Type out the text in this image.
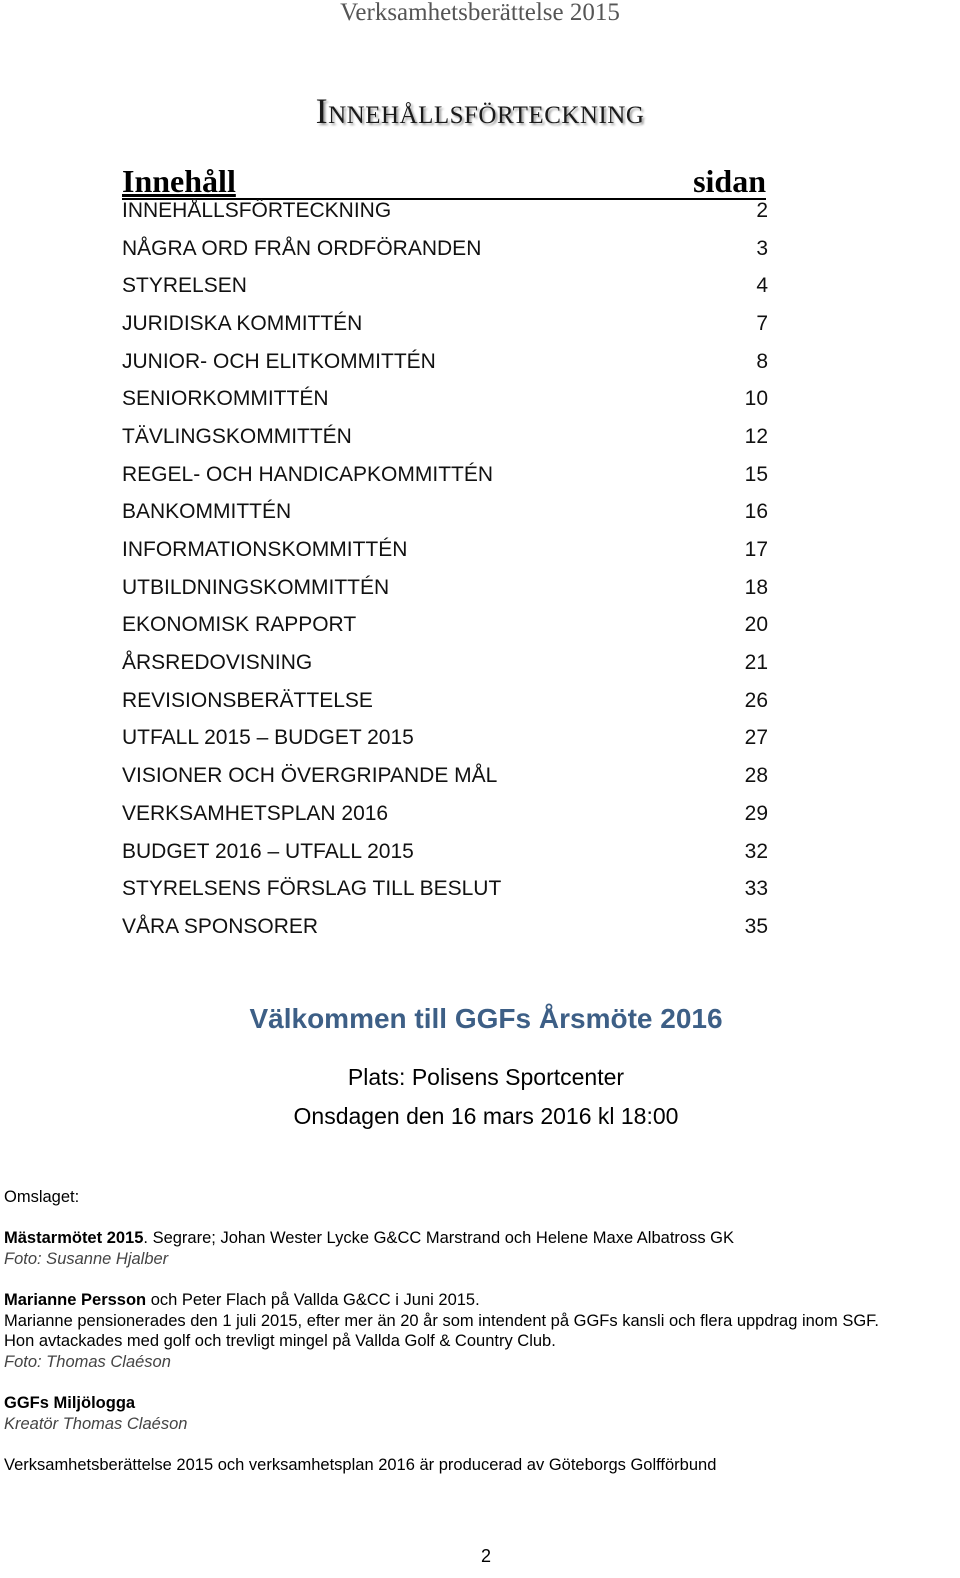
Verksamhetsberättelse 2015
Innehållsförteckning
Innehåll	sidan
INNEHÅLLSFÖRTECKNING	2
NÅGRA ORD FRÅN ORDFÖRANDEN	3
STYRELSEN	4
JURIDISKA KOMMITTÉN	7
JUNIOR- OCH ELITKOMMITTÉN	8
SENIORKOMMITTÉN	10
TÄVLINGSKOMMITTÉN	12
REGEL- OCH HANDICAPKOMMITTÉN	15
BANKOMMITTÉN	16
INFORMATIONSKOMMITTÉN	17
UTBILDNINGSKOMMITTÉN	18
EKONOMISK RAPPORT	20
ÅRSREDOVISNING	21
REVISIONSBERÄTTELSE	26
UTFALL 2015 – BUDGET 2015	27
VISIONER OCH ÖVERGRIPANDE MÅL	28
VERKSAMHETSPLAN 2016	29
BUDGET 2016 – UTFALL 2015	32
STYRELSENS FÖRSLAG TILL BESLUT	33
VÅRA SPONSORER	35
Välkommen till GGFs Årsmöte 2016
Plats: Polisens Sportcenter
Onsdagen den 16 mars 2016 kl 18:00
Omslaget:
Mästarmötet 2015. Segrare; Johan Wester Lycke G&CC Marstrand och Helene Maxe Albatross GK
Foto: Susanne Hjalber
Marianne Persson och Peter Flach på Vallda G&CC i Juni 2015.
Marianne pensionerades den 1 juli 2015, efter mer än 20 år som intendent på GGFs kansli och flera uppdrag inom SGF.
Hon avtackades med golf och trevligt mingel på Vallda Golf & Country Club.
Foto: Thomas Claéson
GGFs Miljölogga
Kreatör Thomas Claéson
Verksamhetsberättelse 2015 och verksamhetsplan 2016 är producerad av Göteborgs Golfförbund
2
